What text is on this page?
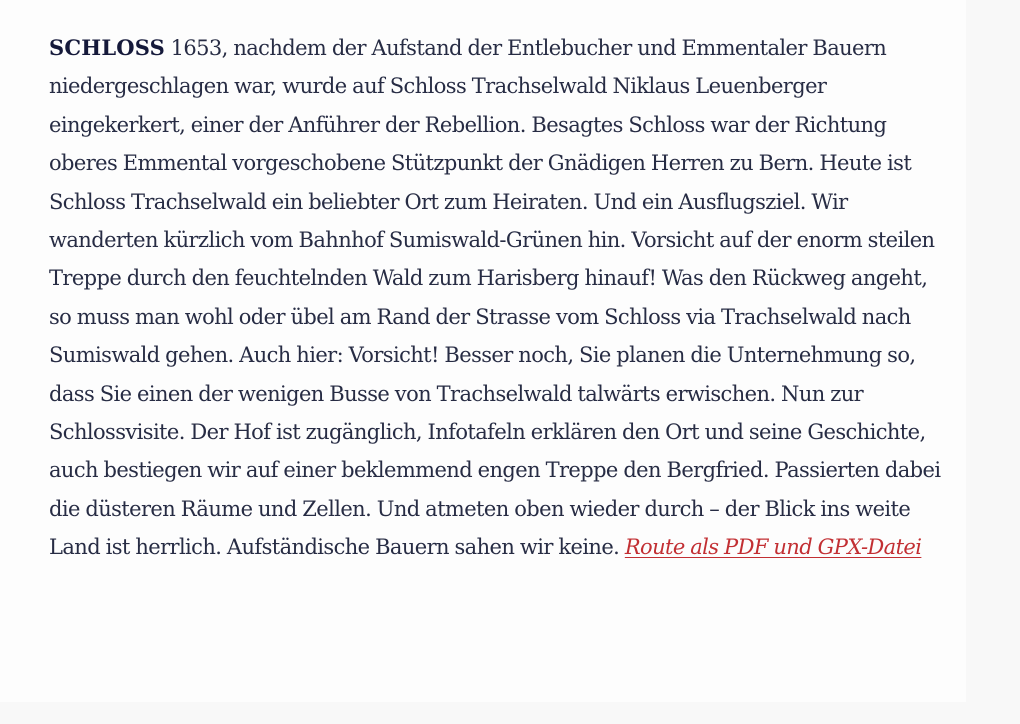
SCHLOSS 1653, nachdem der Aufstand der Entlebucher und Emmentaler Bauern niedergeschlagen war, wurde auf Schloss Trachselwald Niklaus Leuenberger eingekerkert, einer der Anführer der Rebellion. Besagtes Schloss war der Richtung oberes Emmental vorgeschobene Stützpunkt der Gnädigen Herren zu Bern. Heute ist Schloss Trachselwald ein beliebter Ort zum Heiraten. Und ein Ausflugsziel. Wir wanderten kürzlich vom Bahnhof Sumiswald-Grünen hin. Vorsicht auf der enorm steilen Treppe durch den feuchtelnden Wald zum Harisberg hinauf! Was den Rückweg angeht, so muss man wohl oder übel am Rand der Strasse vom Schloss via Trachselwald nach Sumiswald gehen. Auch hier: Vorsicht! Besser noch, Sie planen die Unternehmung so, dass Sie einen der wenigen Busse von Trachselwald talwärts erwischen. Nun zur Schlossvisite. Der Hof ist zugänglich, Infotafeln erklären den Ort und seine Geschichte, auch bestiegen wir auf einer beklemmend engen Treppe den Bergfried. Passierten dabei die düsteren Räume und Zellen. Und atmeten oben wieder durch – der Blick ins weite Land ist herrlich. Aufständische Bauern sahen wir keine. Route als PDF und GPX-Datei
